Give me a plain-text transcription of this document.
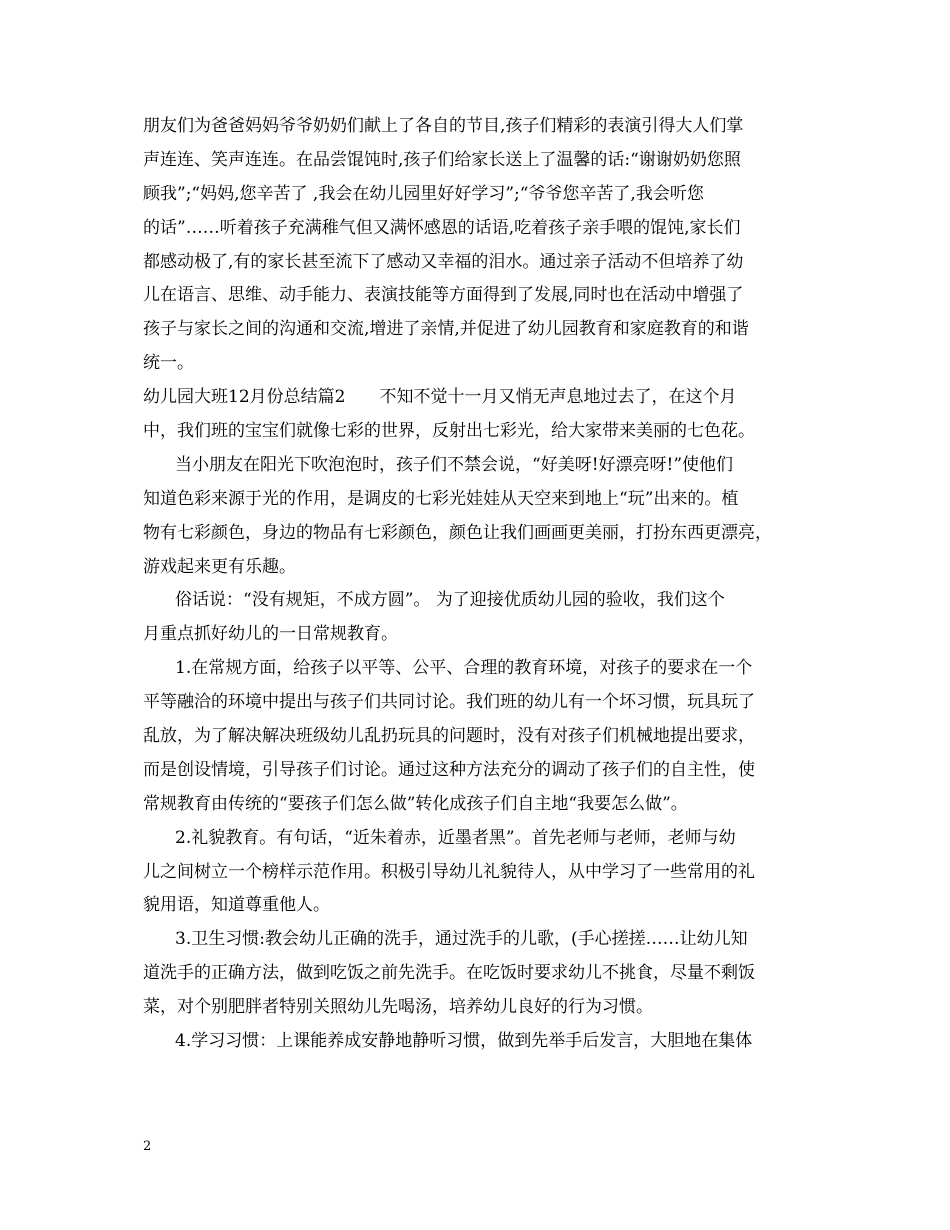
朋友们为爸爸妈妈爷爷奶奶们献上了各自的节目,孩子们精彩的表演引得大人们掌
声连连、笑声连连。在品尝馄饨时,孩子们给家长送上了温馨的话:“谢谢奶奶您照
顾我”;“妈妈,您辛苦了 ,我会在幼儿园里好好学习”;“爷爷您辛苦了,我会听您
的话”……听着孩子充满稚气但又满怀感恩的话语,吃着孩子亲手喂的馄饨,家长们
都感动极了,有的家长甚至流下了感动又幸福的泪水。通过亲子活动不但培养了幼
儿在语言、思维、动手能力、表演技能等方面得到了发展,同时也在活动中增强了
孩子与家长之间的沟通和交流,增进了亲情,并促进了幼儿园教育和家庭教育的和谐
统一。
幼儿园大班12月份总结篇2　　不知不觉十一月又悄无声息地过去了，在这个月
中，我们班的宝宝们就像七彩的世界，反射出七彩光，给大家带来美丽的七色花。
当小朋友在阳光下吹泡泡时，孩子们不禁会说，“好美呀!好漂亮呀!”使他们
知道色彩来源于光的作用，是调皮的七彩光娃娃从天空来到地上“玩”出来的。植
物有七彩颜色，身边的物品有七彩颜色，颜色让我们画画更美丽，打扮东西更漂亮，
游戏起来更有乐趣。
俗话说：“没有规矩，不成方圆”。 为了迎接优质幼儿园的验收，我们这个
月重点抓好幼儿的一日常规教育。
1.在常规方面，给孩子以平等、公平、合理的教育环境，对孩子的要求在一个
平等融洽的环境中提出与孩子们共同讨论。我们班的幼儿有一个坏习惯，玩具玩了
乱放，为了解决解决班级幼儿乱扔玩具的问题时，没有对孩子们机械地提出要求，
而是创设情境，引导孩子们讨论。通过这种方法充分的调动了孩子们的自主性，使
常规教育由传统的“要孩子们怎么做”转化成孩子们自主地“我要怎么做”。
2.礼貌教育。有句话，“近朱着赤，近墨者黑”。首先老师与老师，老师与幼
儿之间树立一个榜样示范作用。积极引导幼儿礼貌待人，从中学习了一些常用的礼
貌用语，知道尊重他人。
3.卫生习惯:教会幼儿正确的洗手，通过洗手的儿歌，(手心搓搓……让幼儿知
道洗手的正确方法，做到吃饭之前先洗手。在吃饭时要求幼儿不挑食，尽量不剩饭
菜，对个别肥胖者特别关照幼儿先喝汤，培养幼儿良好的行为习惯。
4.学习习惯：上课能养成安静地静听习惯，做到先举手后发言，大胆地在集体
2
